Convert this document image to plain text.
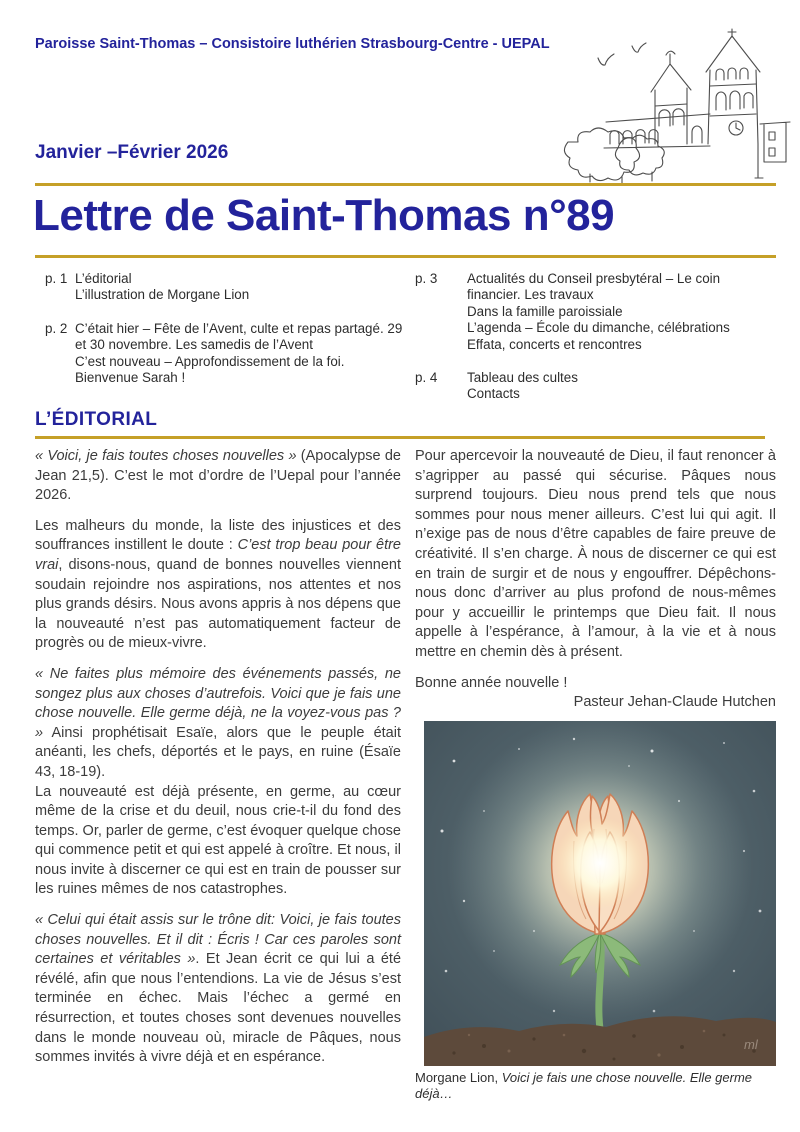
Paroisse Saint-Thomas – Consistoire luthérien Strasbourg-Centre - UEPAL
Janvier –Février 2026
Lettre de Saint-Thomas n°89
p. 1 L’éditorial
L’illustration de Morgane Lion
p. 2 C’était hier – Fête de l’Avent, culte et repas partagé. 29 et 30 novembre. Les samedis de l’Avent
C’est nouveau – Approfondissement de la foi. Bienvenue Sarah !
p. 3	Actualités du Conseil presbytéral – Le coin financier. Les travaux
Dans la famille paroissiale
L’agenda – École du dimanche, célébrations Effata, concerts et rencontres
p. 4	Tableau des cultes
Contacts
L’ÉDITORIAL

« Voici, je fais toutes choses nouvelles » (Apocalypse de Jean 21,5). C’est le mot d’ordre de l’Uepal pour l’année 2026.

Les malheurs du monde, la liste des injustices et des souffrances instillent le doute : C’est trop beau pour être vrai, disons-nous, quand de bonnes nouvelles viennent soudain rejoindre nos aspirations, nos attentes et nos plus grands désirs. Nous avons appris à nos dépens que la nouveauté n’est pas automatiquement facteur de progrès ou de mieux-vivre.

« Ne faites plus mémoire des événements passés, ne songez plus aux choses d’autrefois. Voici que je fais une chose nouvelle. Elle germe déjà, ne la voyez-vous pas ? » Ainsi prophétisait Esaïe, alors que le peuple était anéanti, les chefs, déportés et le pays, en ruine (Ésaïe 43, 18-19).

La nouveauté est déjà présente, en germe, au cœur même de la crise et du deuil, nous crie-t-il du fond des temps. Or, parler de germe, c’est évoquer quelque chose qui commence petit et qui est appelé à croître. Et nous, il nous invite à discerner ce qui est en train de pousser sur les ruines mêmes de nos catastrophes.

« Celui qui était assis sur le trône dit: Voici, je fais toutes choses nouvelles. Et il dit : Écris ! Car ces paroles sont certaines et véritables ». Et Jean écrit ce qui lui a été révélé, afin que nous l’entendions. La vie de Jésus s’est terminée en échec. Mais l’échec a germé en résurrection, et toutes choses sont devenues nouvelles dans le monde nouveau où, miracle de Pâques, nous sommes invités à vivre déjà et en espérance.

Pour apercevoir la nouveauté de Dieu, il faut renoncer à s’agripper au passé qui sécurise. Pâques nous surprend toujours. Dieu nous prend tels que nous sommes pour nous mener ailleurs. C’est lui qui agit. Il n’exige pas de nous d’être capables de faire preuve de créativité. Il s’en charge. À nous de discerner ce qui est en train de surgir et de nous y engouffrer. Dépêchons-nous donc d’arriver au plus profond de nous-mêmes pour y accueillir le printemps que Dieu fait. Il nous appelle à l’espérance, à l’amour, à la vie et à nous mettre en chemin dès à présent.

Bonne année nouvelle !

Pasteur Jehan-Claude Hutchen

ml
Morgane Lion, Voici je fais une chose nouvelle. Elle germe déjà…
